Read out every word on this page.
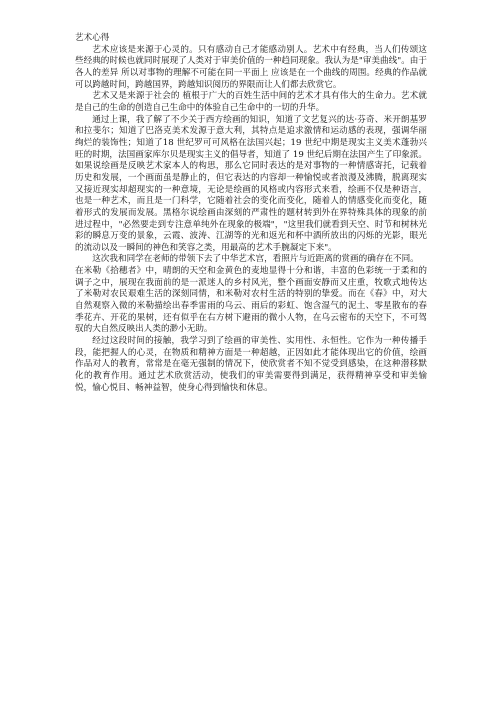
艺术心得

艺术应该是来源于心灵的。只有感动自己才能感动别人。艺术中有经典，当人们传颂这些经典的时候也就同时展现了人类对于审美价值的一种趋同现象。我认为是"审美曲线"。由于各人的差异 所以对事物的理解不可能在同一平面上 应该是在一个曲线的周围。经典的作品就可以跨越时间，跨越国界，跨越知识阅历的界限而让人们都去欣赏它。

艺术又是来源于社会的 植根于广大的百姓生活中间的艺术才具有伟大的生命力。艺术就是自己的生命的创造自己生命中的体验自己生命中的一切的升华。

通过上课，我了解了不少关于西方绘画的知识，知道了文艺复兴的达·芬奇、米开朗基罗和拉斐尔；知道了巴洛克美术发源于意大利，其特点是追求激情和运动感的表现，强调华丽绚烂的装饰性；知道了18 世纪罗可可风格在法国兴起；19 世纪中期是现实主义美术蓬勃兴旺的时期，法国画家库尔贝是现实主义的倡导者，知道了 19 世纪后期在法国产生了印象派。如果说绘画是反映艺术家本人的构思，那么它同时表达的是对事物的一种情感寄托，记载着历史和发展，一个画面虽是静止的，但它表达的内容却一种愉悦或者浪漫及沸腾，脱离现实又接近现实却超现实的一种意境，无论是绘画的风格或内容形式来看，绘画不仅是种语言，也是一种艺术，而且是一门科学，它随着社会的变化而变化，随着人的情感变化而变化，随着形式的发展而发展。黑格尔说绘画由深刻的严肃性的题材转到外在界特殊具体的现象的前进过程中，"必然要走到专注意单纯外在现象的极端"，"这里我们就看到天空、时节和树林光彩的瞬息万变的景象，云霞、波涛、江湖等的光和返光和杯中酒所放出的闪烁的光影，眼光的流动以及一瞬间的神色和笑容之类，用最高的艺术手腕凝定下来"。

这次我和同学在老师的带领下去了中华艺术宫，看照片与近距离的赏画的确存在不同。

在米勒《拾穗者》中，晴朗的天空和金黄色的麦地显得十分和谐，丰富的色彩统一于柔和的调子之中，展现在我面前的是一派迷人的乡村风光，整个画面安静而又庄重，牧歌式地传达了米勒对农民艰难生活的深刻同情，和米勒对农村生活的特别的挚爱。而在《春》中，对大自然观察入微的米勒描绘出春季雷雨的乌云、雨后的彩虹、饱含湿气的泥土、零星散布的春季花卉、开花的果树，还有似乎在右方树下避雨的微小人物，在乌云密布的天空下，不可驾驭的大自然反映出人类的渺小无助。

经过这段时间的接触，我学习到了绘画的审美性、实用性、永恒性。它作为一种传播手段，能把握人的心灵，在物质和精神方面是一种超越，正因如此才能体现出它的价值，绘画作品对人的教育，常常是在毫无强制的情况下，使欣赏者不知不觉受到感染，在这种潜移默化的教育作用。通过艺术欣赏活动，使我们的审美需要得到满足，获得精神享受和审美愉悦，愉心悦目、畅神益智，使身心得到愉快和休息。
